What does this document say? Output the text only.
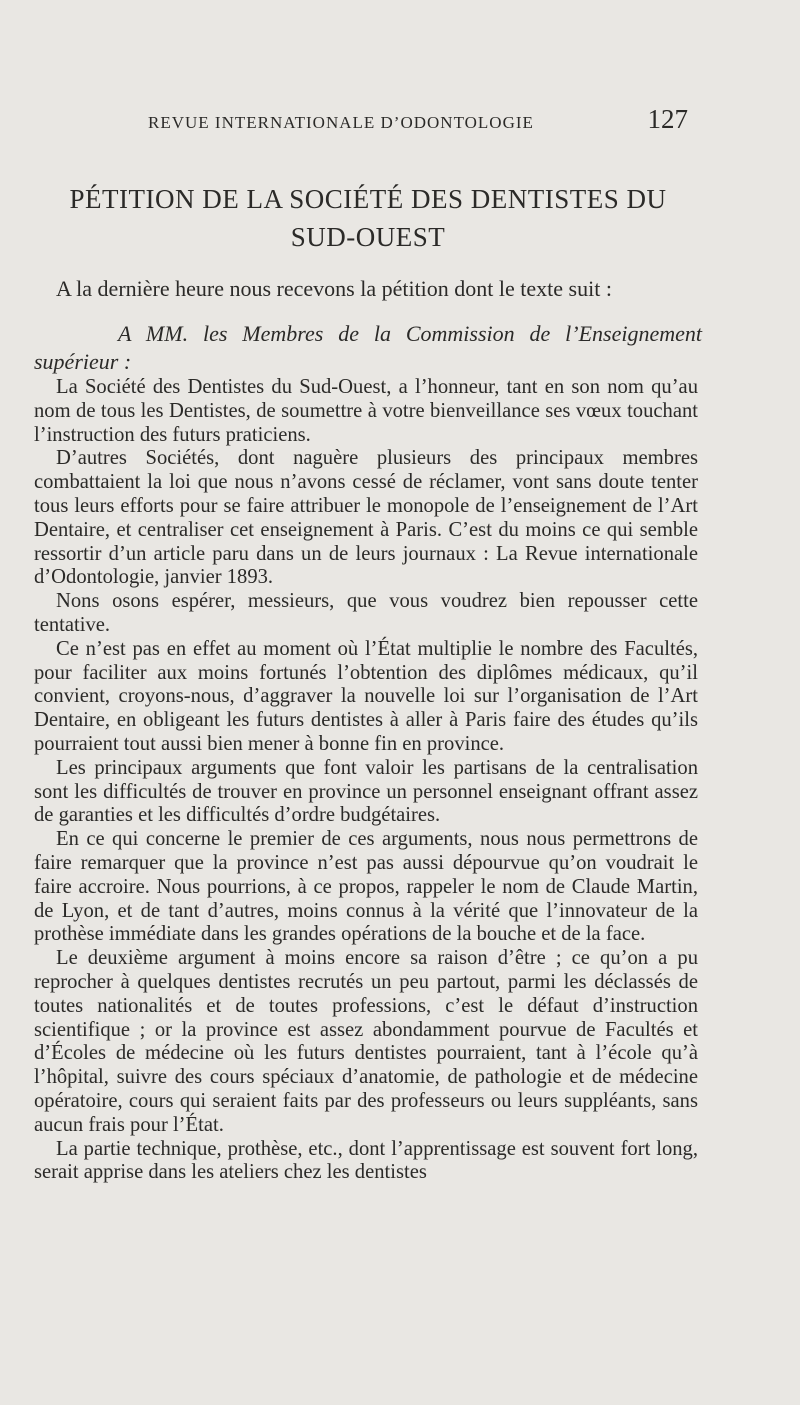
REVUE INTERNATIONALE D’ODONTOLOGIE	127
PÉTITION DE LA SOCIÉTÉ DES DENTISTES DU SUD-OUEST

A la dernière heure nous recevons la pétition dont le texte suit :

A MM. les Membres de la Commission de l’Enseignement supérieur :

La Société des Dentistes du Sud-Ouest, a l’honneur, tant en son nom qu’au nom de tous les Dentistes, de soumettre à votre bienveillance ses vœux touchant l’instruction des futurs praticiens.

D’autres Sociétés, dont naguère plusieurs des principaux membres combattaient la loi que nous n’avons cessé de réclamer, vont sans doute tenter tous leurs efforts pour se faire attribuer le monopole de l’enseignement de l’Art Dentaire, et centraliser cet enseignement à Paris. C’est du moins ce qui semble ressortir d’un article paru dans un de leurs journaux : La Revue internationale d’Odontologie, janvier 1893.

Nons osons espérer, messieurs, que vous voudrez bien repousser cette tentative.

Ce n’est pas en effet au moment où l’État multiplie le nombre des Facultés, pour faciliter aux moins fortunés l’obtention des diplômes médicaux, qu’il convient, croyons-nous, d’aggraver la nouvelle loi sur l’organisation de l’Art Dentaire, en obligeant les futurs dentistes à aller à Paris faire des études qu’ils pourraient tout aussi bien mener à bonne fin en province.

Les principaux arguments que font valoir les partisans de la centralisation sont les difficultés de trouver en province un personnel enseignant offrant assez de garanties et les difficultés d’ordre budgétaires.

En ce qui concerne le premier de ces arguments, nous nous permettrons de faire remarquer que la province n’est pas aussi dépourvue qu’on voudrait le faire accroire. Nous pourrions, à ce propos, rappeler le nom de Claude Martin, de Lyon, et de tant d’autres, moins connus à la vérité que l’innovateur de la prothèse immédiate dans les grandes opérations de la bouche et de la face.

Le deuxième argument à moins encore sa raison d’être ; ce qu’on a pu reprocher à quelques dentistes recrutés un peu partout, parmi les déclassés de toutes nationalités et de toutes professions, c’est le défaut d’instruction scientifique ; or la province est assez abondamment pourvue de Facultés et d’Écoles de médecine où les futurs dentistes pourraient, tant à l’école qu’à l’hôpital, suivre des cours spéciaux d’anatomie, de pathologie et de médecine opératoire, cours qui seraient faits par des professeurs ou leurs suppléants, sans aucun frais pour l’État.

La partie technique, prothèse, etc., dont l’apprentissage est souvent fort long, serait apprise dans les ateliers chez les dentistes
